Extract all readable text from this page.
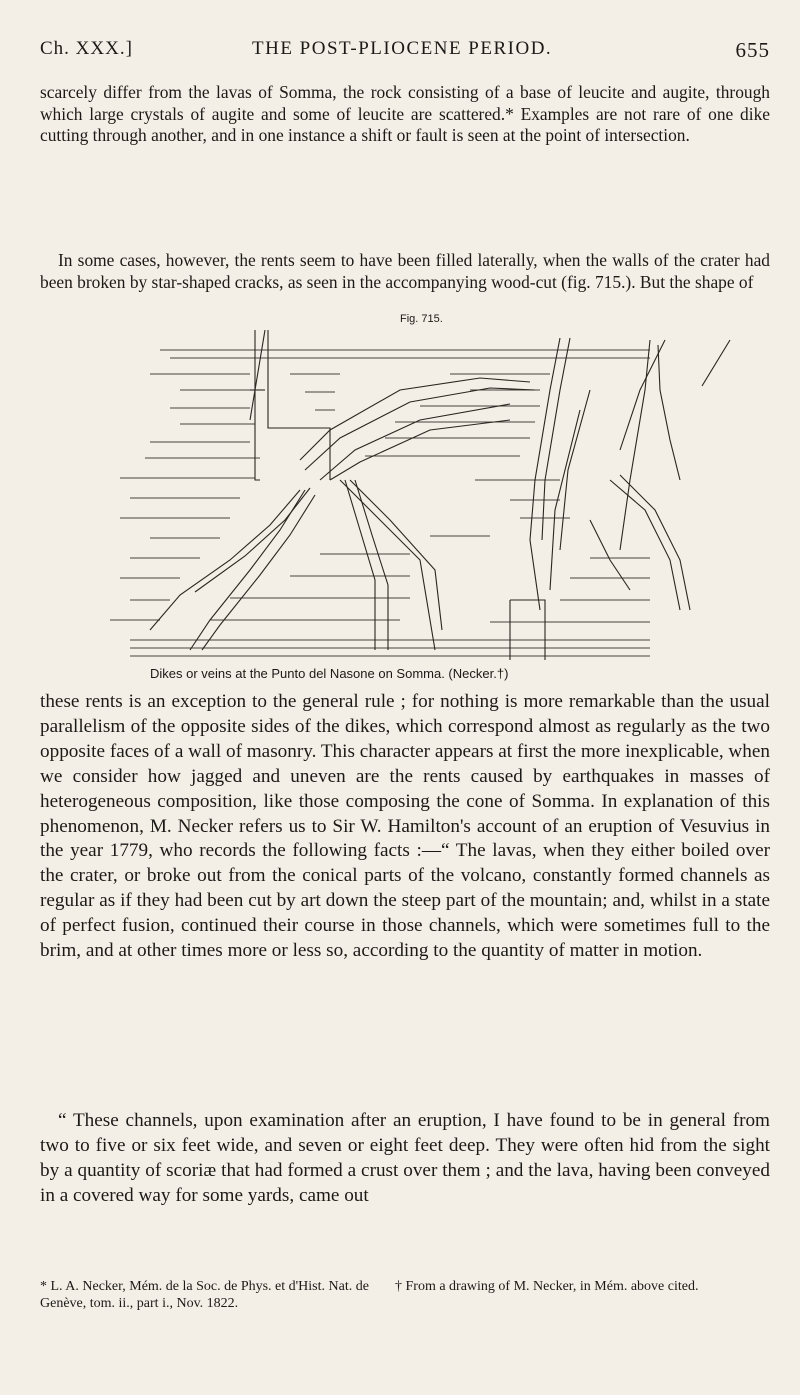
Ch. XXX.]	THE POST-PLIOCENE PERIOD.	655

scarcely differ from the lavas of Somma, the rock consisting of a base of leucite and augite, through which large crystals of augite and some of leucite are scattered.* Examples are not rare of one dike cutting through another, and in one instance a shift or fault is seen at the point of intersection.

In some cases, however, the rents seem to have been filled laterally, when the walls of the crater had been broken by star-shaped cracks, as seen in the accompanying wood-cut (fig. 715.). But the shape of

Fig. 715.
Dikes or veins at the Punto del Nasone on Somma. (Necker.†)

these rents is an exception to the general rule ; for nothing is more remarkable than the usual parallelism of the opposite sides of the dikes, which correspond almost as regularly as the two opposite faces of a wall of masonry. This character appears at first the more inexplicable, when we consider how jagged and uneven are the rents caused by earthquakes in masses of heterogeneous composition, like those composing the cone of Somma. In explanation of this phenomenon, M. Necker refers us to Sir W. Hamilton's account of an eruption of Vesuvius in the year 1779, who records the following facts :—“ The lavas, when they either boiled over the crater, or broke out from the conical parts of the volcano, constantly formed channels as regular as if they had been cut by art down the steep part of the mountain; and, whilst in a state of perfect fusion, continued their course in those channels, which were sometimes full to the brim, and at other times more or less so, according to the quantity of matter in motion.

“ These channels, upon examination after an eruption, I have found to be in general from two to five or six feet wide, and seven or eight feet deep. They were often hid from the sight by a quantity of scoriæ that had formed a crust over them ; and the lava, having been conveyed in a covered way for some yards, came out

* L. A. Necker, Mém. de la Soc. de Phys. et d'Hist. Nat. de Genève, tom. ii., part i., Nov. 1822.
† From a drawing of M. Necker, in Mém. above cited.
